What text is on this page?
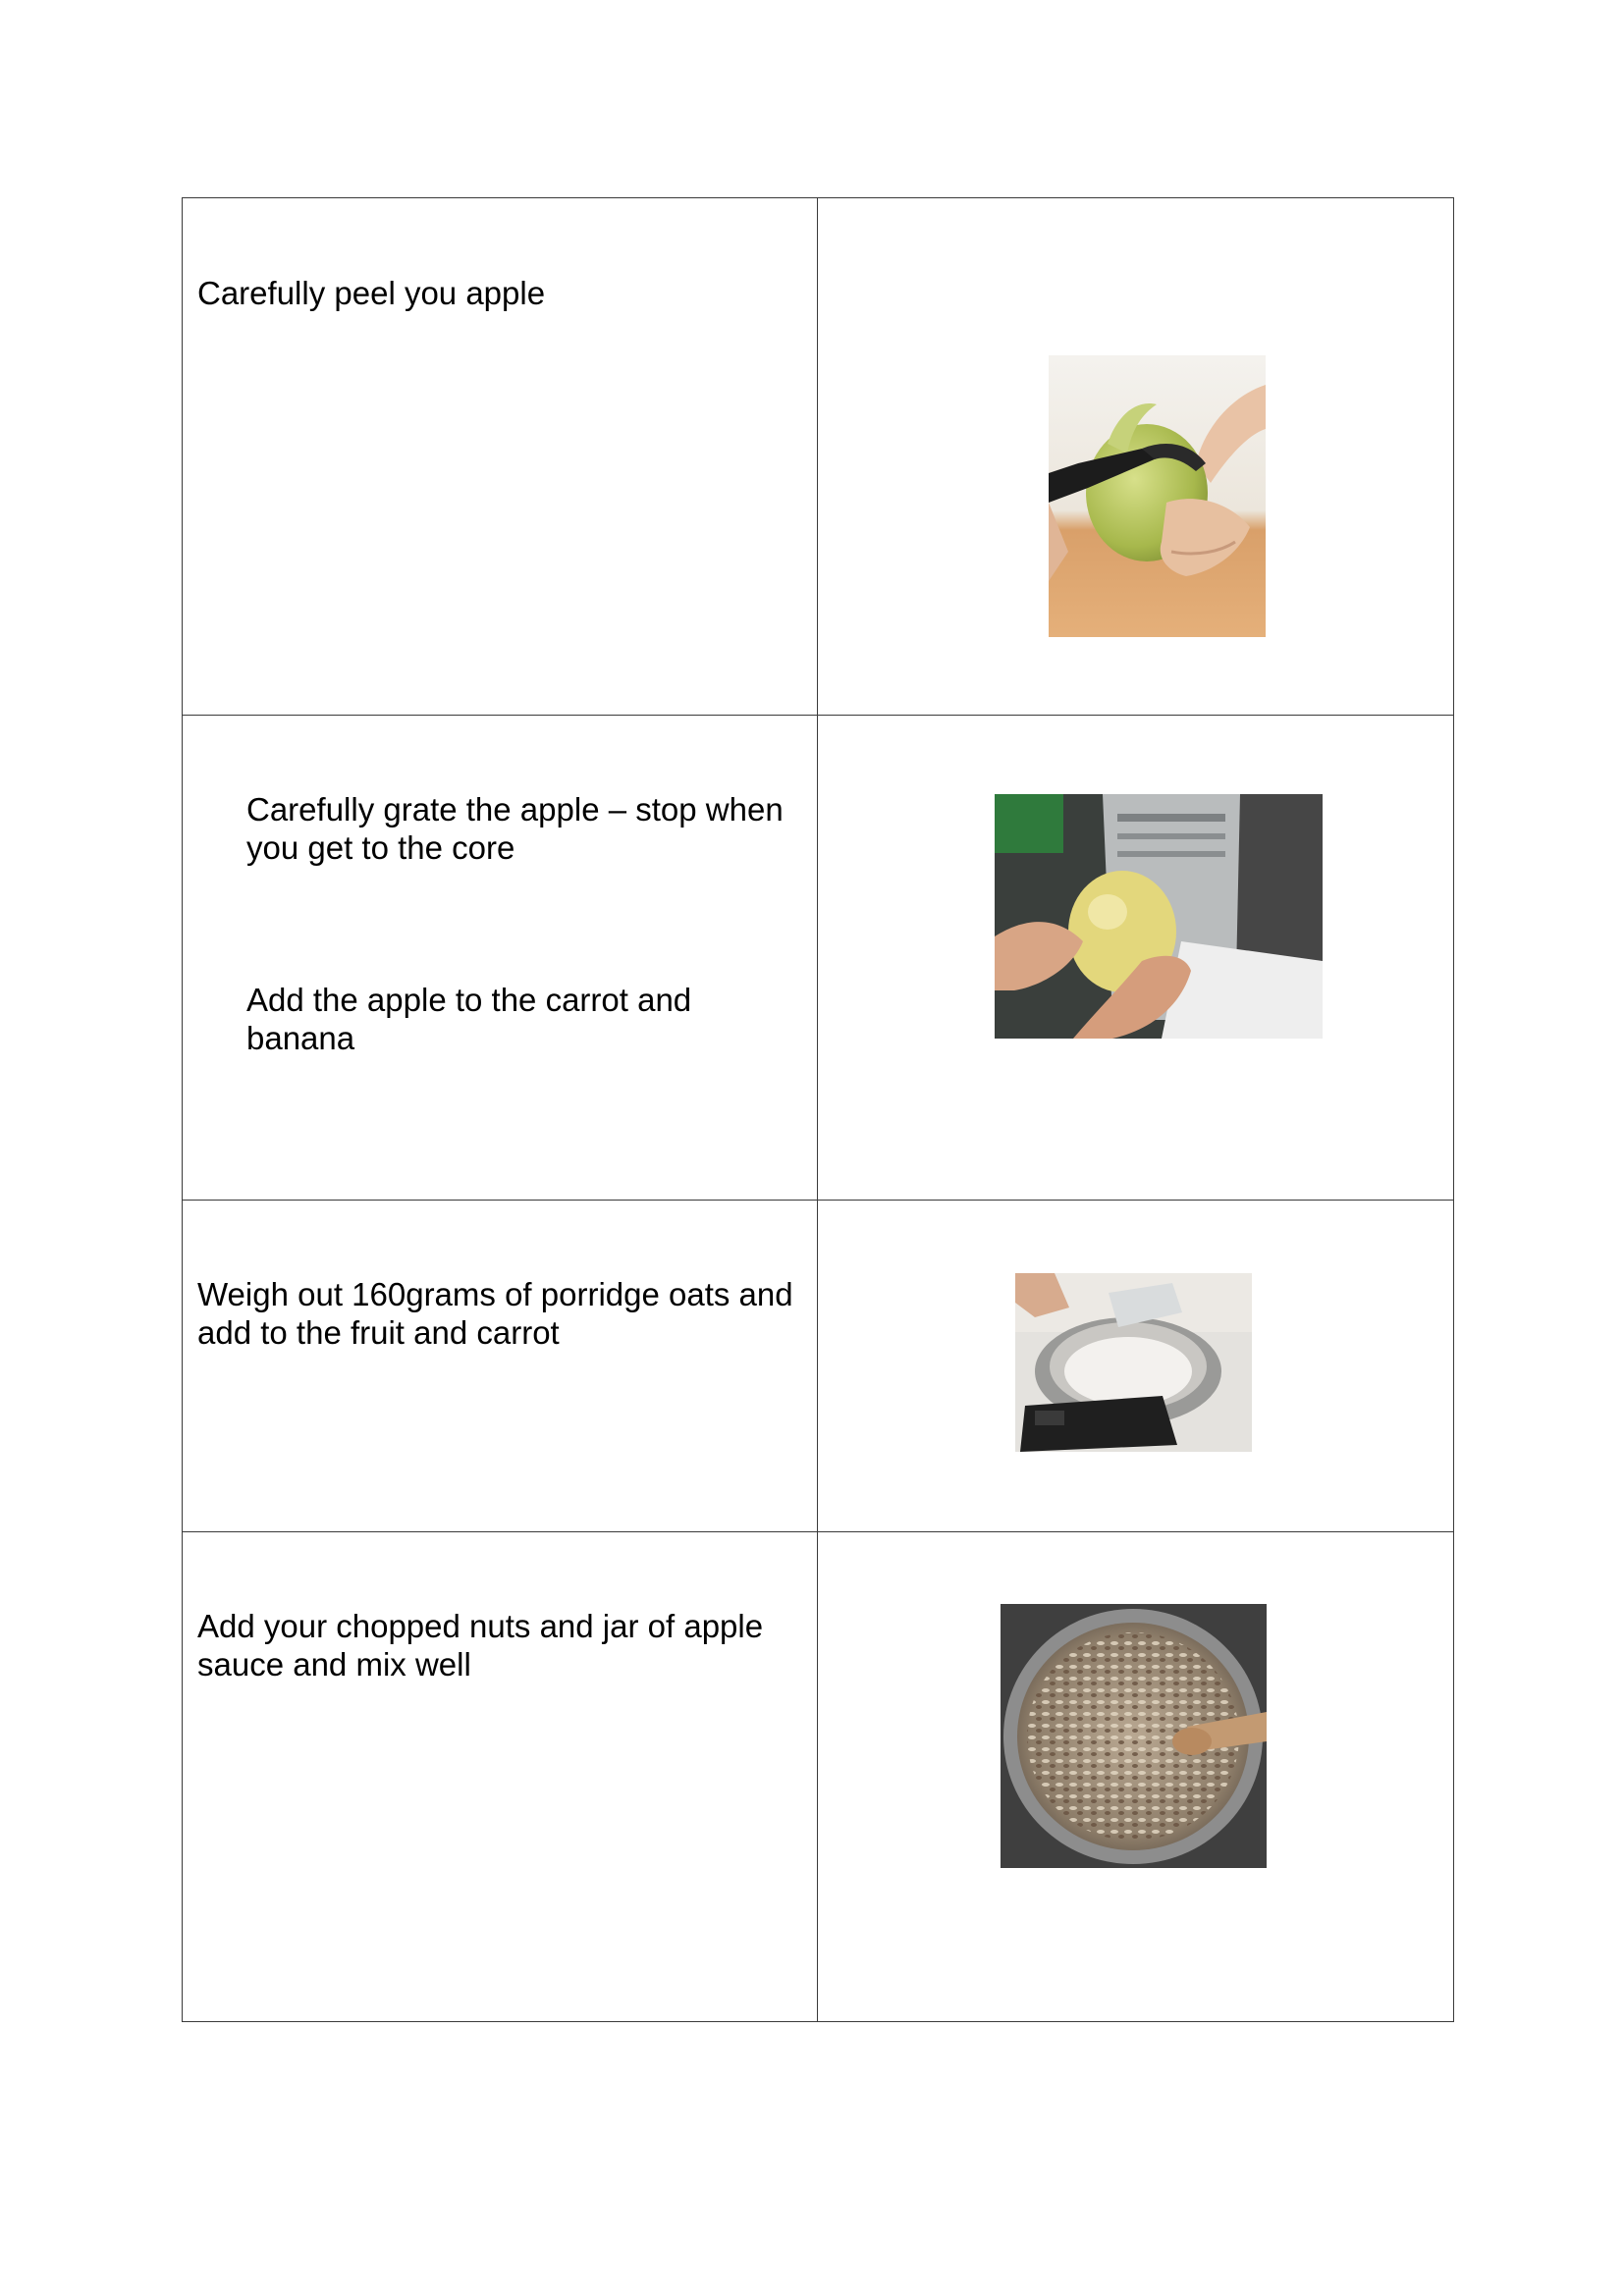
Carefully peel you apple

Carefully grate the apple – stop when you get to the core

Add the apple to the carrot and banana

Weigh out 160grams of porridge oats and add to the fruit and carrot

Add your chopped nuts and jar of apple sauce and mix well
